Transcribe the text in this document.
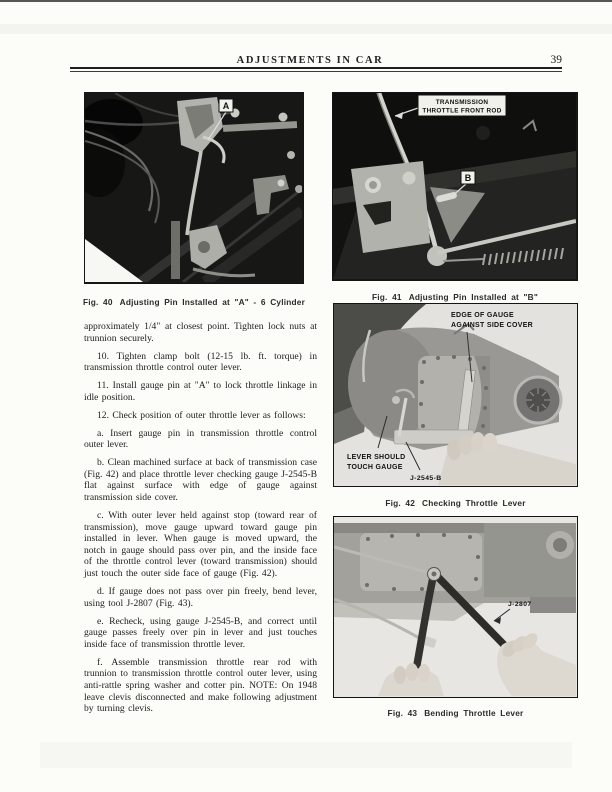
ADJUSTMENTS IN CAR	39
A
Fig. 40 Adjusting Pin Installed at "A" - 6 Cylinder
TRANSMISSION
THROTTLE FRONT ROD
B
Fig. 41 Adjusting Pin Installed at "B"
EDGE OF GAUGE
AGAINST SIDE COVER
LEVER SHOULD
TOUCH GAUGE
J-2545-B
Fig. 42 Checking Throttle Lever
J-2807
Fig. 43 Bending Throttle Lever

approximately 1/4" at closest point. Tighten lock nuts at trunnion securely.

10. Tighten clamp bolt (12-15 lb. ft. torque) in transmission throttle control outer lever.

11. Install gauge pin at "A" to lock throttle linkage in idle position.

12. Check position of outer throttle lever as follows:

a. Insert gauge pin in transmission throttle control outer lever.

b. Clean machined surface at back of transmission case (Fig. 42) and place throttle lever checking gauge J-2545-B flat against surface with edge of gauge against transmission side cover.

c. With outer lever held against stop (toward rear of transmission), move gauge upward toward gauge pin installed in lever. When gauge is moved upward, the notch in gauge should pass over pin, and the inside face of the throttle control lever (toward transmission) should just touch the outer side face of gauge (Fig. 42).

d. If gauge does not pass over pin freely, bend lever, using tool J-2807 (Fig. 43).

e. Recheck, using gauge J-2545-B, and correct until gauge passes freely over pin in lever and just touches inside face of transmission throttle lever.

f. Assemble transmission throttle rear rod with trunnion to transmission throttle control outer lever, using anti-rattle spring washer and cotter pin. NOTE: On 1948 leave clevis disconnected and make following adjustment by turning clevis.
